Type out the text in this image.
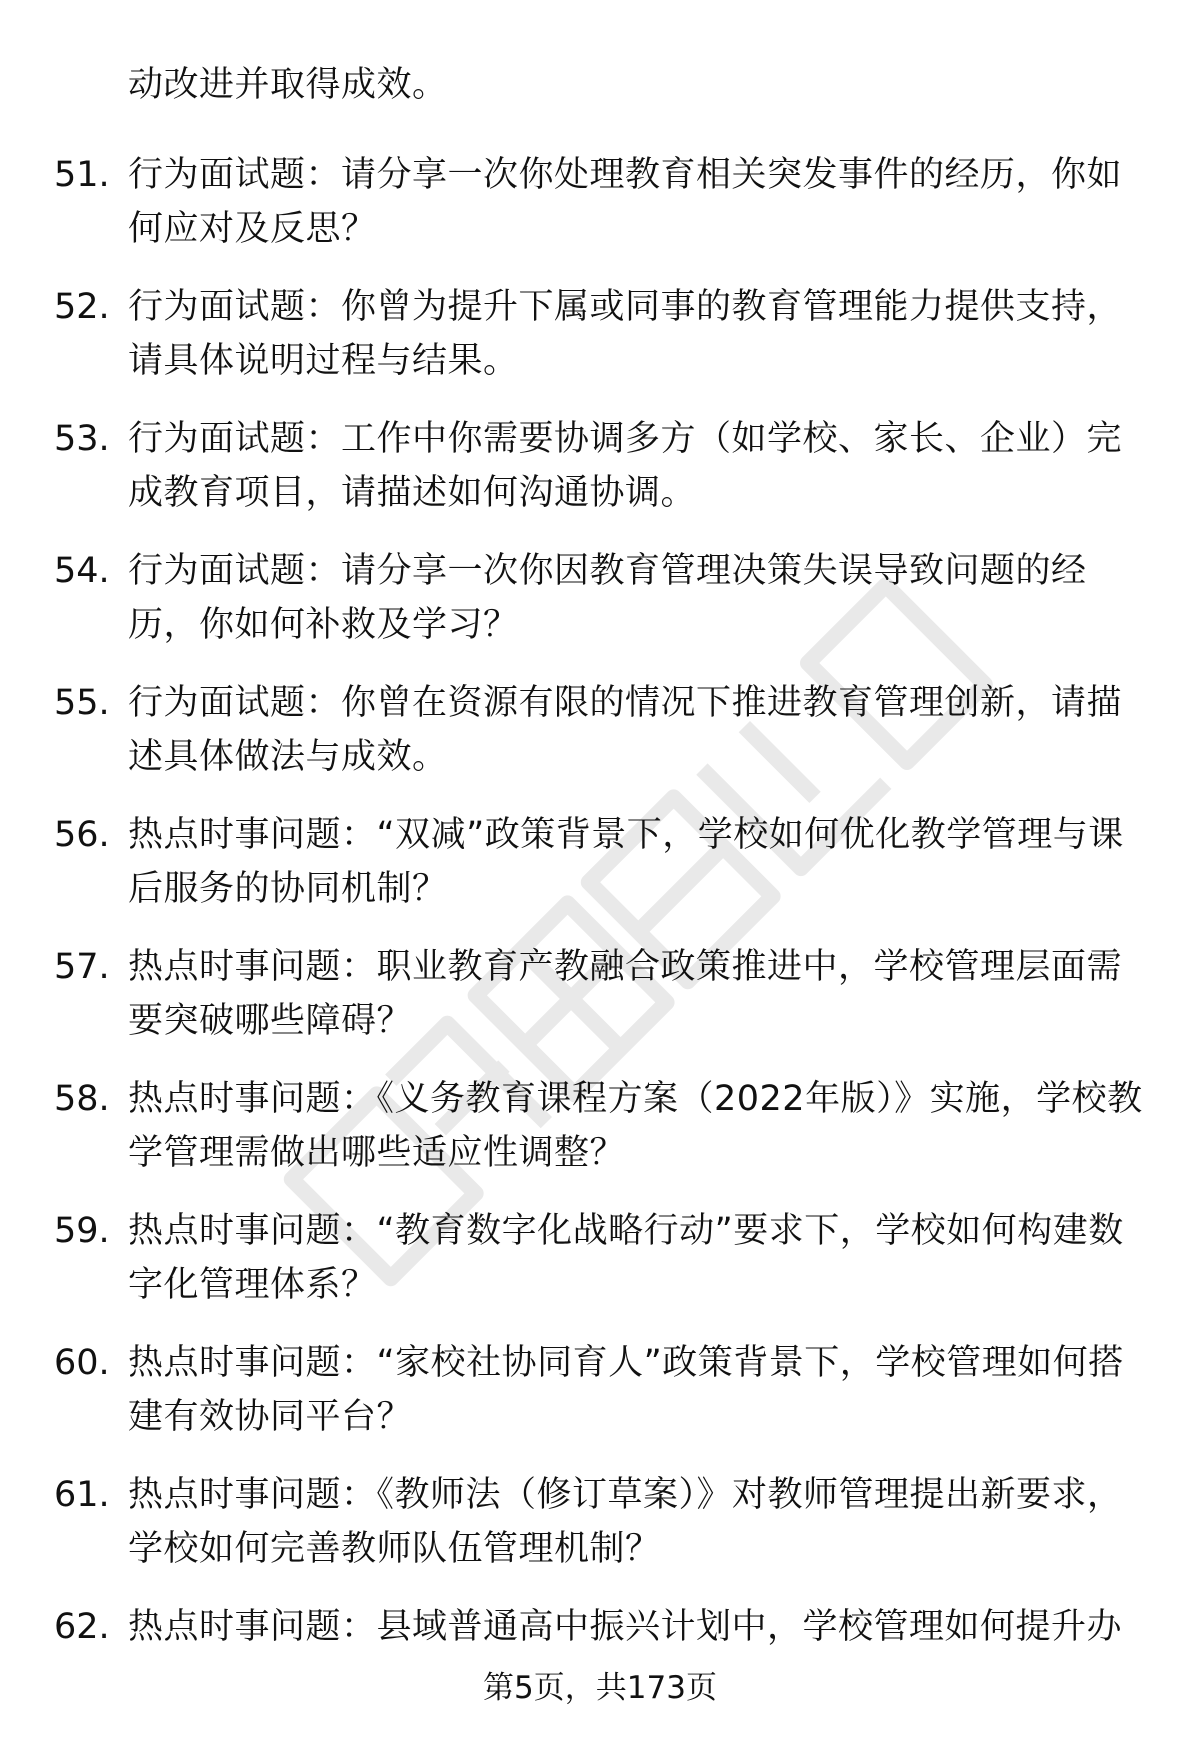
动改进并取得成效。
51. 行为面试题：请分享一次你处理教育相关突发事件的经历，你如何应对及反思？
52. 行为面试题：你曾为提升下属或同事的教育管理能力提供支持，请具体说明过程与结果。
53. 行为面试题：工作中你需要协调多方（如学校、家长、企业）完成教育项目，请描述如何沟通协调。
54. 行为面试题：请分享一次你因教育管理决策失误导致问题的经历，你如何补救及学习？
55. 行为面试题：你曾在资源有限的情况下推进教育管理创新，请描述具体做法与成效。
56. 热点时事问题：“双减”政策背景下，学校如何优化教学管理与课后服务的协同机制？
57. 热点时事问题：职业教育产教融合政策推进中，学校管理层面需要突破哪些障碍？
58. 热点时事问题：《义务教育课程方案（2022年版）》实施，学校教学管理需做出哪些适应性调整？
59. 热点时事问题：“教育数字化战略行动”要求下，学校如何构建数字化管理体系？
60. 热点时事问题：“家校社协同育人”政策背景下，学校管理如何搭建有效协同平台？
61. 热点时事问题：《教师法（修订草案）》对教师管理提出新要求，学校如何完善教师队伍管理机制？
62. 热点时事问题：县域普通高中振兴计划中，学校管理如何提升办
第5页，共173页
